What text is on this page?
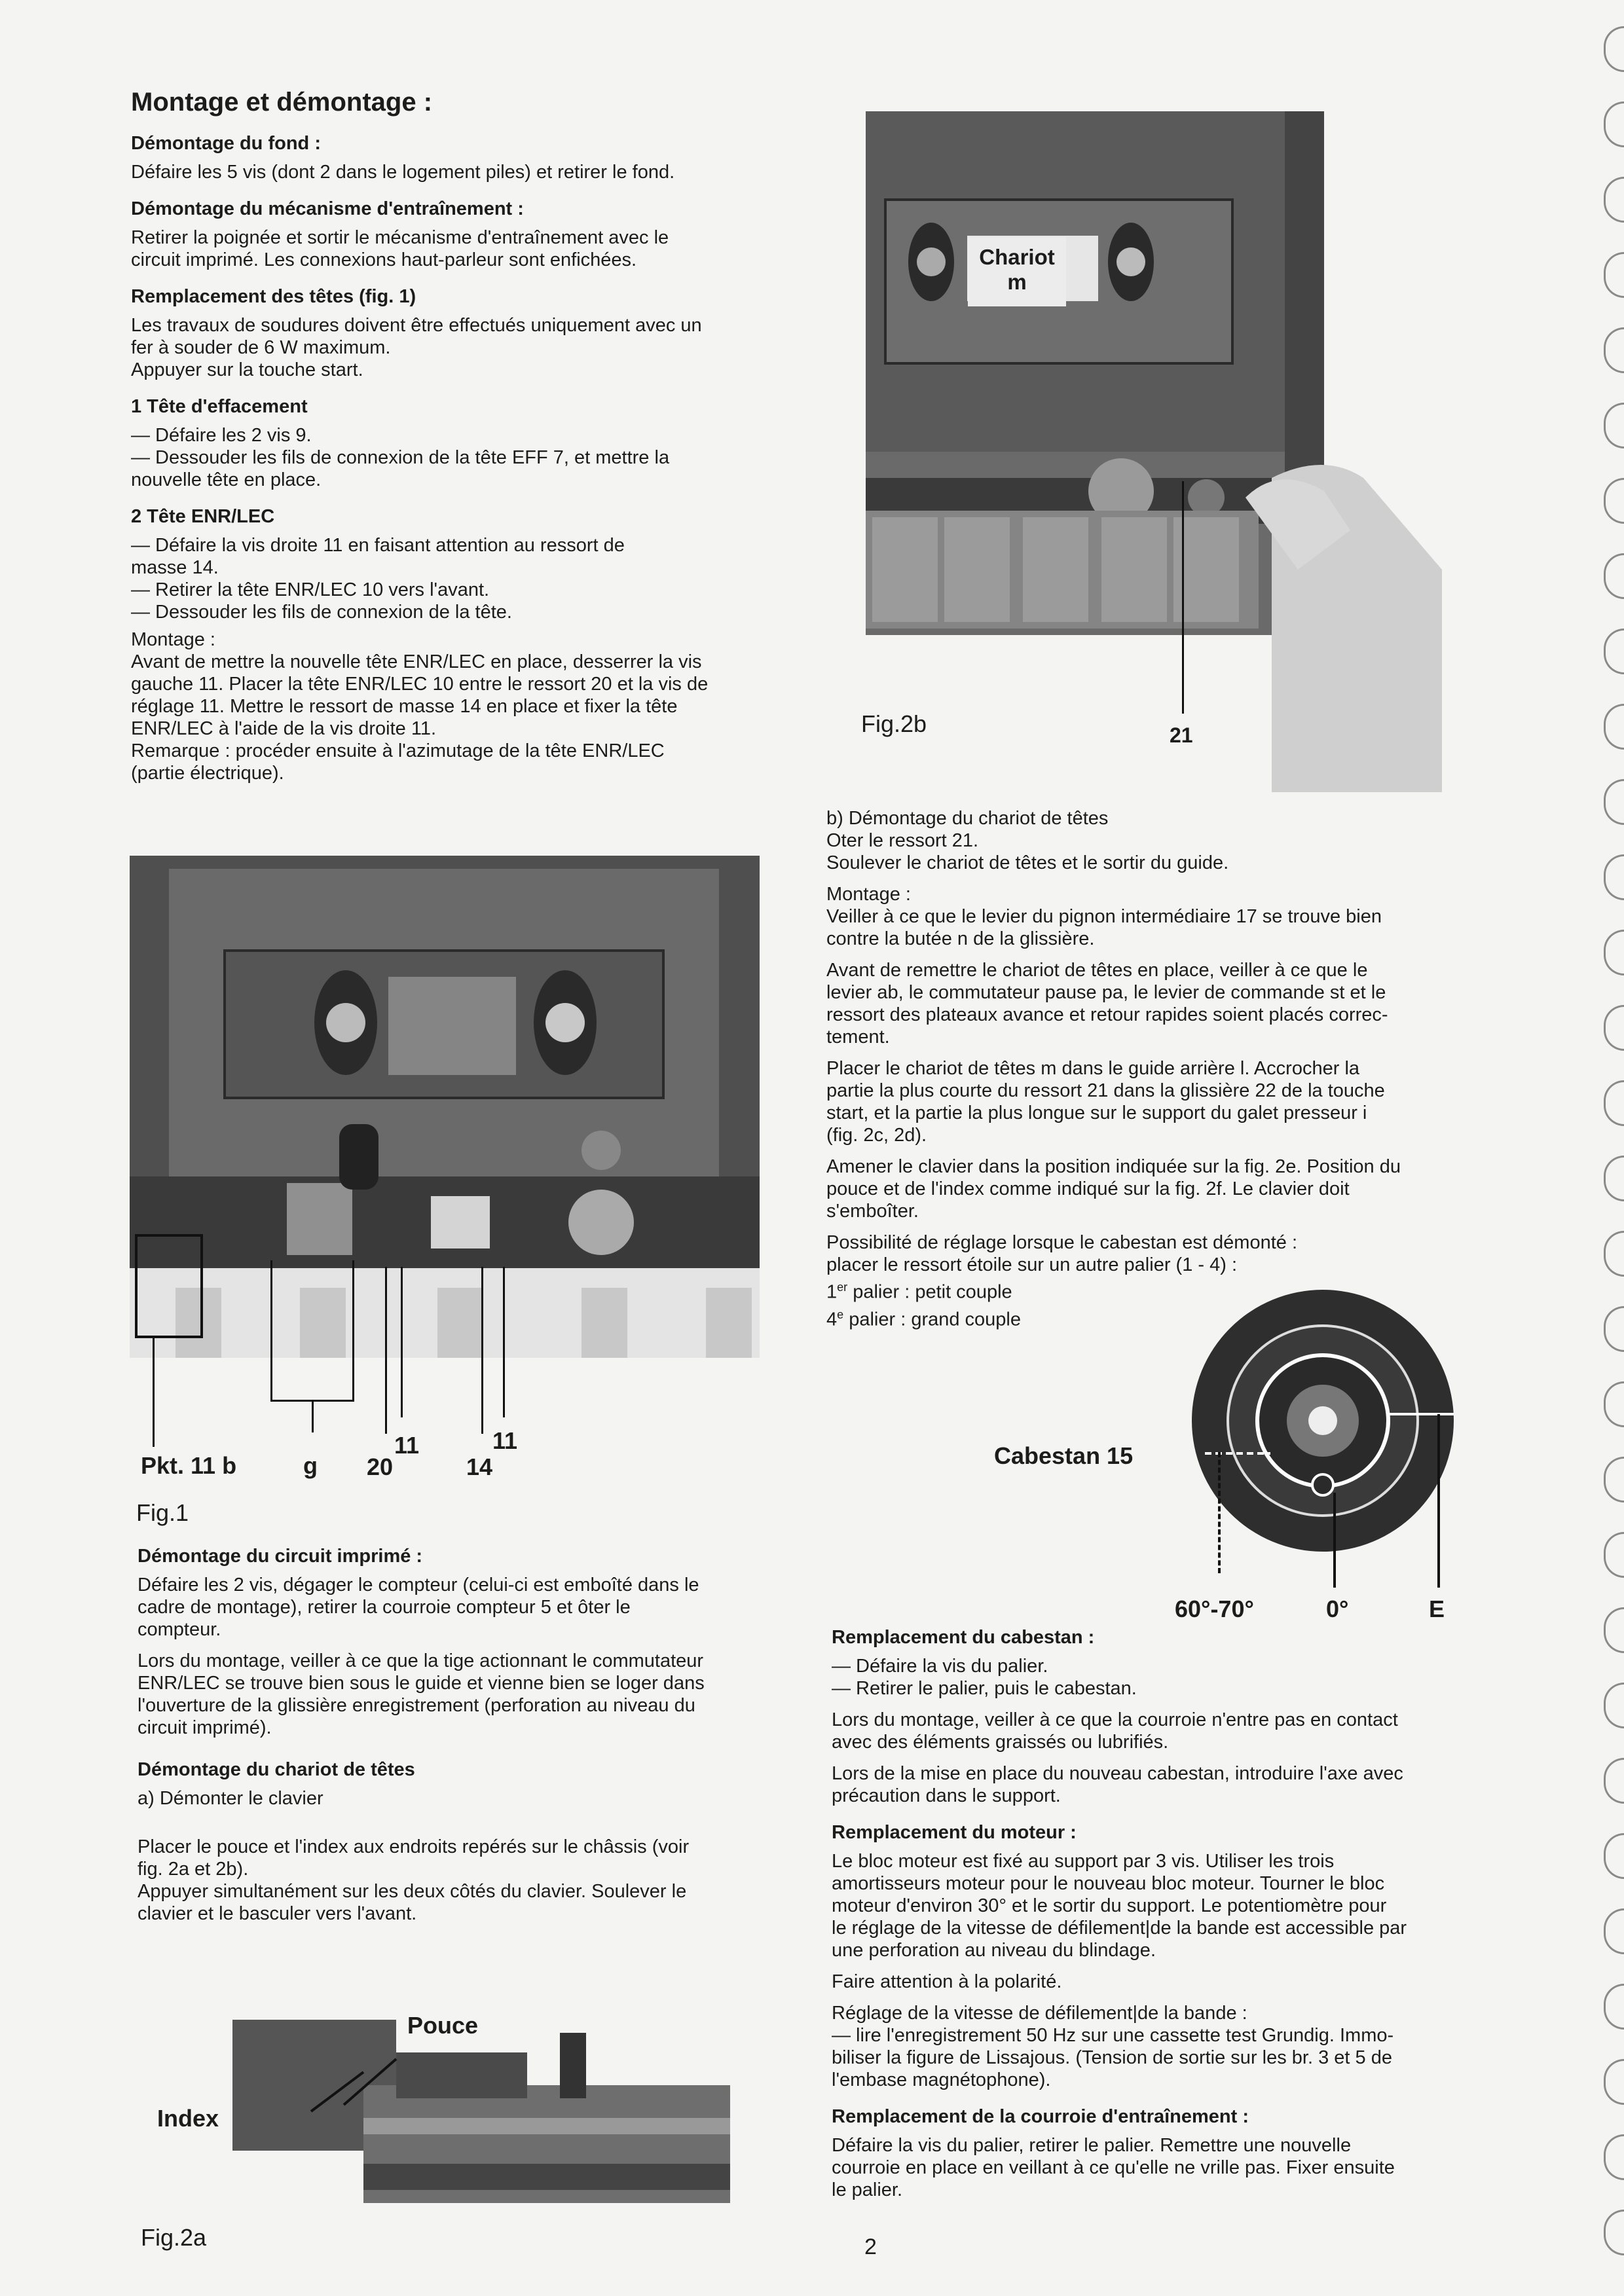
Montage et démontage :
Démontage du fond :
Défaire les 5 vis (dont 2 dans le logement piles) et retirer le fond.
Démontage du mécanisme d'entraînement :
Retirer la poignée et sortir le mécanisme d'entraînement avec le
circuit imprimé. Les connexions haut-parleur sont enfichées.
Remplacement des têtes (fig. 1)
Les travaux de soudures doivent être effectués uniquement avec un
fer à souder de 6 W maximum.
Appuyer sur la touche start.
1 Tête d'effacement
— Défaire les 2 vis 9.
— Dessouder les fils de connexion de la tête EFF 7, et mettre la
nouvelle tête en place.
2 Tête ENR/LEC
— Défaire la vis droite 11 en faisant attention au ressort de
masse 14.
— Retirer la tête ENR/LEC 10 vers l'avant.
— Dessouder les fils de connexion de la tête.
Montage :
Avant de mettre la nouvelle tête ENR/LEC en place, desserrer la vis
gauche 11. Placer la tête ENR/LEC 10 entre le ressort 20 et la vis de
réglage 11. Mettre le ressort de masse 14 en place et fixer la tête
ENR/LEC à l'aide de la vis droite 11.
Remarque : procéder ensuite à l'azimutage de la tête ENR/LEC
(partie électrique).
Pkt. 11 b	g 20
11
14
11
Fig.1
Démontage du circuit imprimé :

Défaire les 2 vis, dégager le compteur (celui-ci est emboîté dans le
cadre de montage), retirer la courroie compteur 5 et ôter le
compteur.

Lors du montage, veiller à ce que la tige actionnant le commutateur
ENR/LEC se trouve bien sous le guide et vienne bien se loger dans
l'ouverture de la glissière enregistrement (perforation au niveau du
circuit imprimé).

Démontage du chariot de têtes

a) Démonter le clavier

Placer le pouce et l'index aux endroits repérés sur le châssis (voir
fig. 2a et 2b).
Appuyer simultanément sur les deux côtés du clavier. Soulever le
clavier et le basculer vers l'avant.

Pouce
Index
Fig.2a
Chariot
m
21
Fig.2b

b) Démontage du chariot de têtes
Oter le ressort 21.
Soulever le chariot de têtes et le sortir du guide.

Montage :
Veiller à ce que le levier du pignon intermédiaire 17 se trouve bien
contre la butée n de la glissière.

Avant de remettre le chariot de têtes en place, veiller à ce que le
levier ab, le commutateur pause pa, le levier de commande st et le
ressort des plateaux avance et retour rapides soient placés correc-
tement.

Placer le chariot de têtes m dans le guide arrière l. Accrocher la
partie la plus courte du ressort 21 dans la glissière 22 de la touche
start, et la partie la plus longue sur le support du galet presseur i
(fig. 2c, 2d).

Amener le clavier dans la position indiquée sur la fig. 2e. Position du
pouce et de l'index comme indiqué sur la fig. 2f. Le clavier doit
s'emboîter.

Possibilité de réglage lorsque le cabestan est démonté :
placer le ressort étoile sur un autre palier (1 - 4) :
1er palier : petit couple
4e palier : grand couple

Cabestan 15
60°-70°	0°	E
Remplacement du cabestan :

— Défaire la vis du palier.
— Retirer le palier, puis le cabestan.

Lors du montage, veiller à ce que la courroie n'entre pas en contact
avec des éléments graissés ou lubrifiés.

Lors de la mise en place du nouveau cabestan, introduire l'axe avec
précaution dans le support.

Remplacement du moteur :

Le bloc moteur est fixé au support par 3 vis. Utiliser les trois
amortisseurs moteur pour le nouveau bloc moteur. Tourner le bloc
moteur d'environ 30° et le sortir du support. Le potentiomètre pour
le réglage de la vitesse de défilement|de la bande est accessible par
une perforation au niveau du blindage.

Faire attention à la polarité.

Réglage de la vitesse de défilement|de la bande :
— lire l'enregistrement 50 Hz sur une cassette test Grundig. Immo-
biliser la figure de Lissajous. (Tension de sortie sur les br. 3 et 5 de
l'embase magnétophone).

Remplacement de la courroie d'entraînement :

Défaire la vis du palier, retirer le palier. Remettre une nouvelle
courroie en place en veillant à ce qu'elle ne vrille pas. Fixer ensuite
le palier.

2
